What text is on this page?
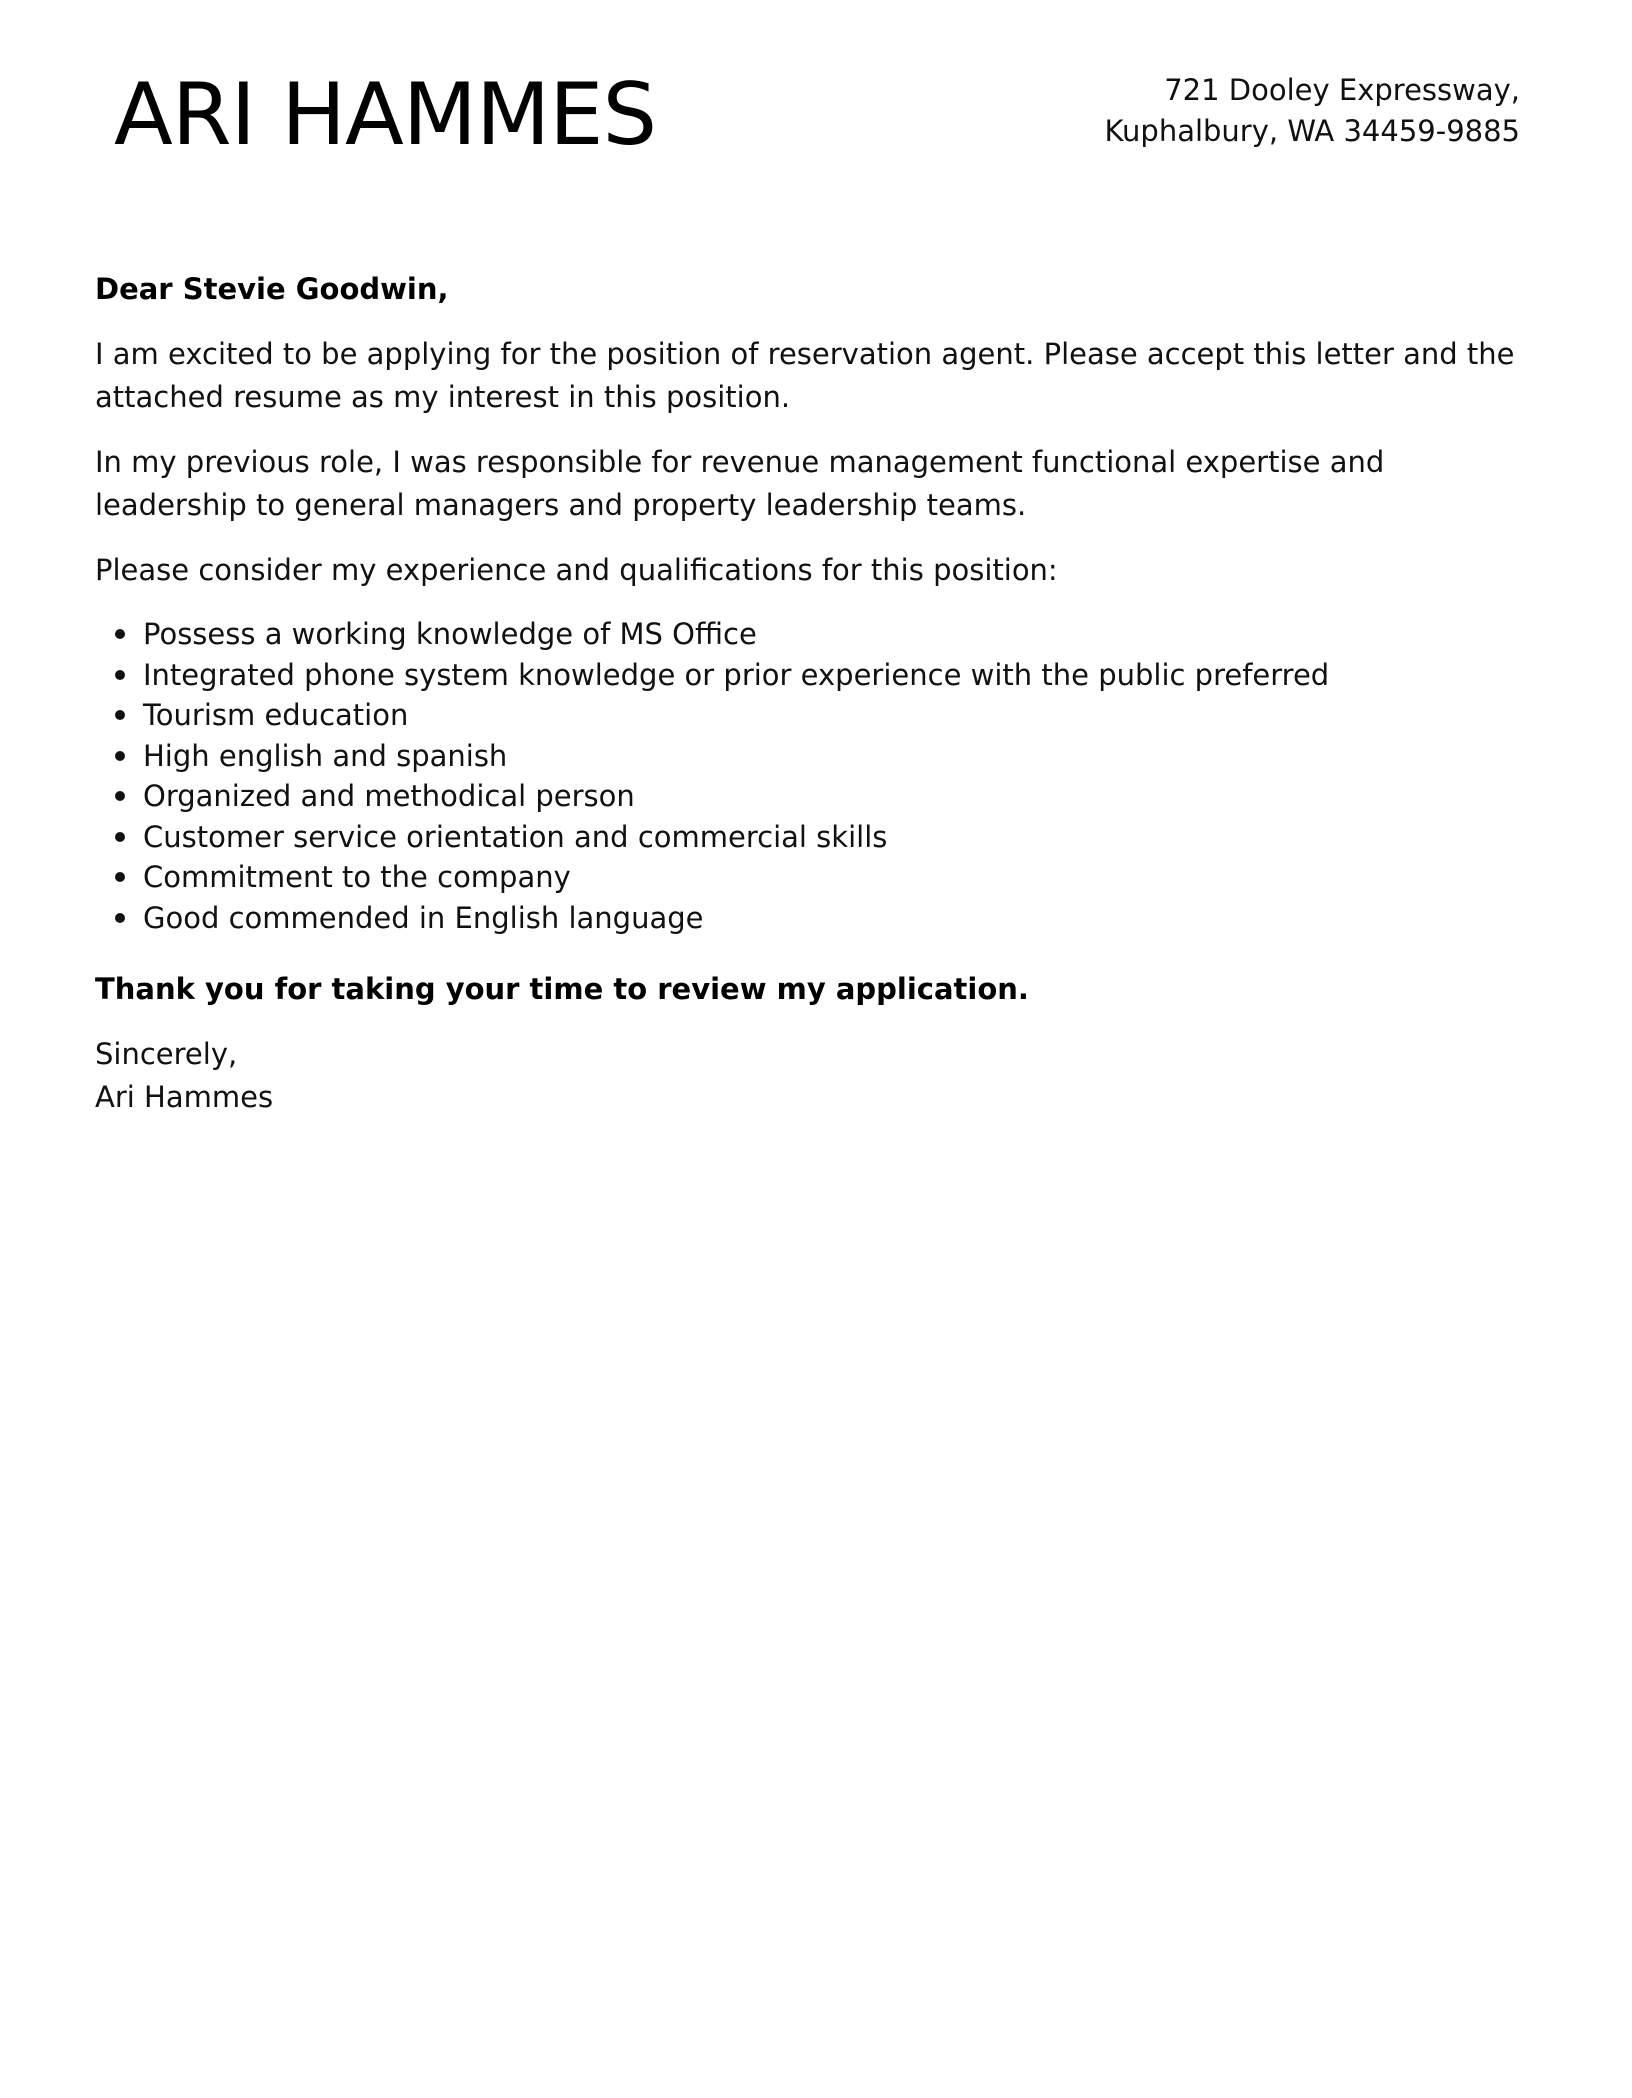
ARI HAMMES	721 Dooley Expressway,
Kuphalbury, WA 34459-9885

Dear Stevie Goodwin,

I am excited to be applying for the position of reservation agent. Please accept this letter and the attached resume as my interest in this position.

In my previous role, I was responsible for revenue management functional expertise and leadership to general managers and property leadership teams.

Please consider my experience and qualifications for this position:

Possess a working knowledge of MS Office
Integrated phone system knowledge or prior experience with the public preferred
Tourism education
High english and spanish
Organized and methodical person
Customer service orientation and commercial skills
Commitment to the company
Good commended in English language

Thank you for taking your time to review my application.

Sincerely,
Ari Hammes
